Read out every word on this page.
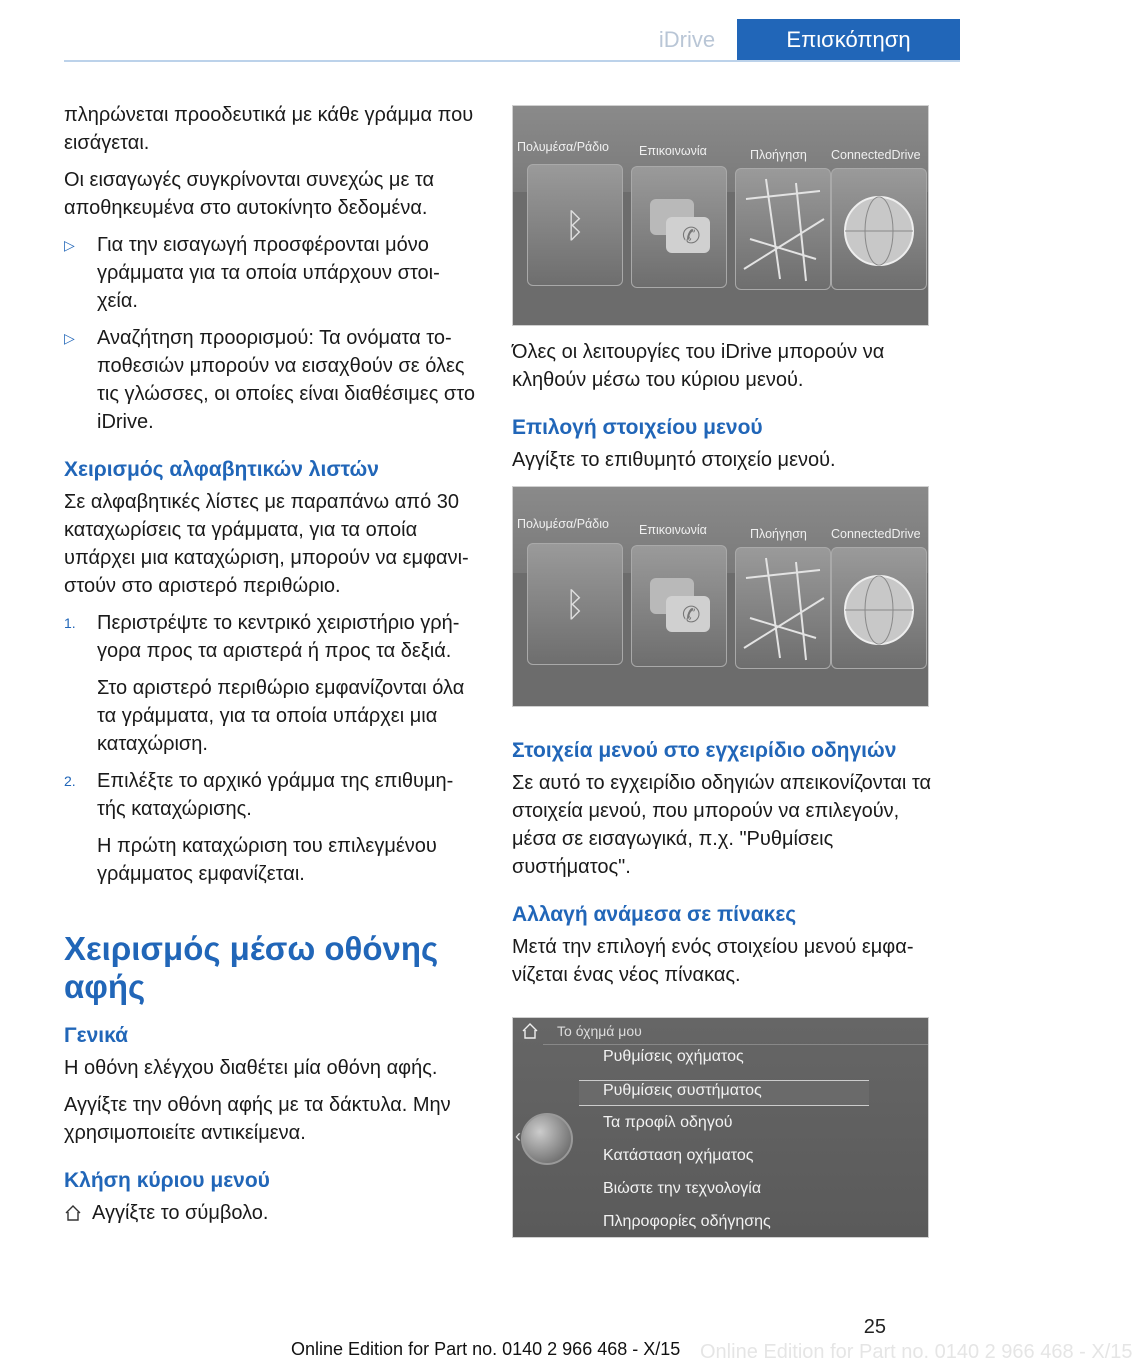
iDrive	Επισκόπηση

πληρώνεται προοδευτικά με κάθε γράμμα που εισάγεται.

Οι εισαγωγές συγκρίνονται συνεχώς με τα αποθηκευμένα στο αυτοκίνητο δεδομένα.

▷	Για την εισαγωγή προσφέρονται μόνο γράμματα για τα οποία υπάρχουν στοι‐ χεία.

▷	Αναζήτηση προορισμού: Τα ονόματα το‐ ποθεσιών μπορούν να εισαχθούν σε όλες τις γλώσσες, οι οποίες είναι διαθέσιμες στο iDrive.

Χειρισμός αλφαβητικών λιστών

Σε αλφαβητικές λίστες με παραπάνω από 30 καταχωρίσεις τα γράμματα, για τα οποία υπάρχει μια καταχώριση, μπορούν να εμφανι‐ στούν στο αριστερό περιθώριο.

1.	Περιστρέψτε το κεντρικό χειριστήριο γρή‐ γορα προς τα αριστερά ή προς τα δεξιά.

Στο αριστερό περιθώριο εμφανίζονται όλα τα γράμματα, για τα οποία υπάρχει μια καταχώριση.

2.	Επιλέξτε το αρχικό γράμμα της επιθυμη‐ τής καταχώρισης.

Η πρώτη καταχώριση του επιλεγμένου γράμματος εμφανίζεται.

Χειρισμός μέσω οθόνης αφής

Γενικά

Η οθόνη ελέγχου διαθέτει μία οθόνη αφής.

Αγγίξτε την οθόνη αφής με τα δάκτυλα. Μην χρησιμοποιείτε αντικείμενα.

Κλήση κύριου μενού

Αγγίξτε το σύμβολο.

Πολυμέσα/Ράδιο Επικοινωνία	Πλοήγηση ConnectedDrive
ᛒ	✆

Όλες οι λειτουργίες του iDrive μπορούν να κληθούν μέσω του κύριου μενού.

Επιλογή στοιχείου μενού

Αγγίξτε το επιθυμητό στοιχείο μενού.

Πολυμέσα/Ράδιο Επικοινωνία	Πλοήγηση ConnectedDrive
ᛒ	✆

Στοιχεία μενού στο εγχειρίδιο οδηγιών

Σε αυτό το εγχειρίδιο οδηγιών απεικονίζονται τα στοιχεία μενού, που μπορούν να επιλεγούν, μέσα σε εισαγωγικά, π.χ. "Ρυθμίσεις συστήματος".

Αλλαγή ανάμεσα σε πίνακες

Μετά την επιλογή ενός στοιχείου μενού εμφα‐ νίζεται ένας νέος πίνακας.

Το όχημά μου
‹
Ρυθμίσεις οχήματος
Ρυθμίσεις συστήματος
Τα προφίλ οδηγού
Κατάσταση οχήματος
Βιώστε την τεχνολογία
Πληροφορίες οδήγησης
25
Online Edition for Part no. 0140 2 966 468 - X/15 Online Edition for Part no. 0140 2 966 468 - X/15
